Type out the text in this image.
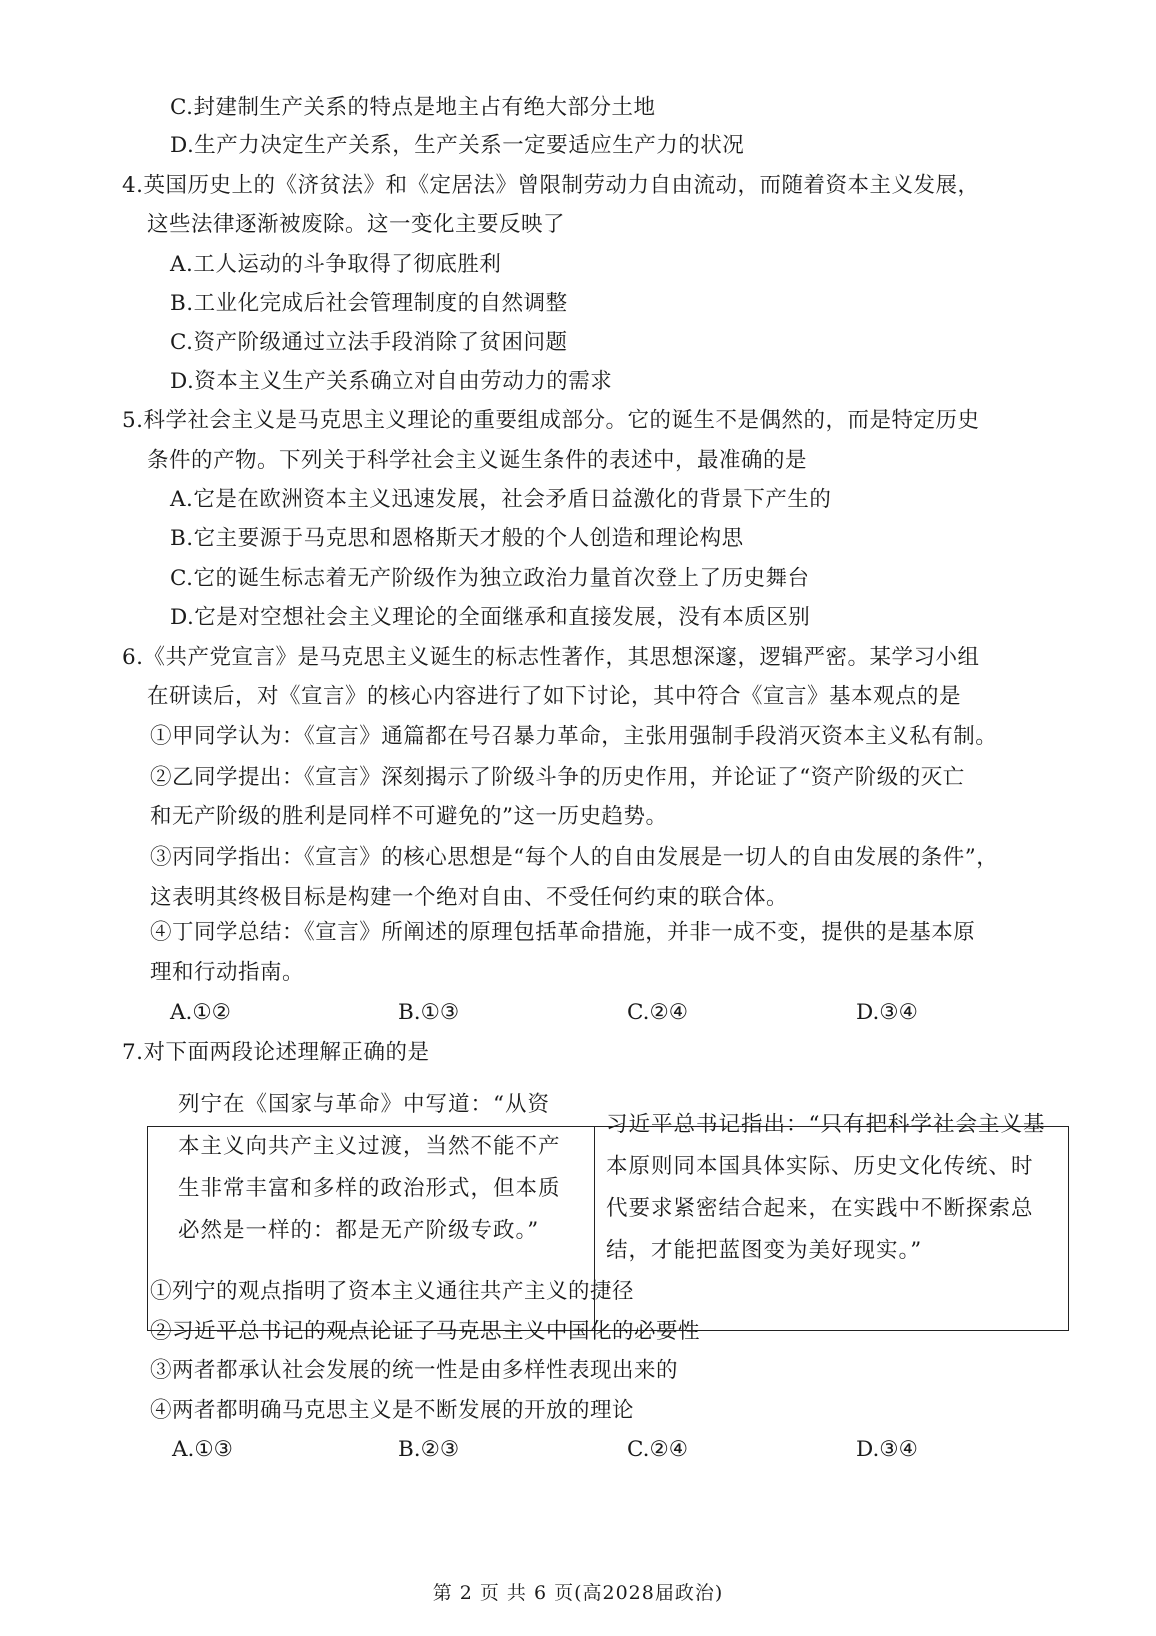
C.封建制生产关系的特点是地主占有绝大部分土地
D.生产力决定生产关系，生产关系一定要适应生产力的状况
4.英国历史上的《济贫法》和《定居法》曾限制劳动力自由流动，而随着资本主义发展，
这些法律逐渐被废除。这一变化主要反映了
A.工人运动的斗争取得了彻底胜利
B.工业化完成后社会管理制度的自然调整
C.资产阶级通过立法手段消除了贫困问题
D.资本主义生产关系确立对自由劳动力的需求
5.科学社会主义是马克思主义理论的重要组成部分。它的诞生不是偶然的，而是特定历史
条件的产物。下列关于科学社会主义诞生条件的表述中，最准确的是
A.它是在欧洲资本主义迅速发展，社会矛盾日益激化的背景下产生的
B.它主要源于马克思和恩格斯天才般的个人创造和理论构思
C.它的诞生标志着无产阶级作为独立政治力量首次登上了历史舞台
D.它是对空想社会主义理论的全面继承和直接发展，没有本质区别
6.《共产党宣言》是马克思主义诞生的标志性著作，其思想深邃，逻辑严密。某学习小组
在研读后，对《宣言》的核心内容进行了如下讨论，其中符合《宣言》基本观点的是
①甲同学认为：《宣言》通篇都在号召暴力革命，主张用强制手段消灭资本主义私有制。
②乙同学提出：《宣言》深刻揭示了阶级斗争的历史作用，并论证了“资产阶级的灭亡
和无产阶级的胜利是同样不可避免的”这一历史趋势。
③丙同学指出：《宣言》的核心思想是“每个人的自由发展是一切人的自由发展的条件”，
这表明其终极目标是构建一个绝对自由、不受任何约束的联合体。
④丁同学总结：《宣言》所阐述的原理包括革命措施，并非一成不变，提供的是基本原
理和行动指南。
A.①②	B.①③	C.②④	D.③④
7.对下面两段论述理解正确的是
列宁在《国家与革命》中写道：“从资本主义向共产主义过渡，当然不能不产生非常丰富和多样的政治形式，但本质必然是一样的：都是无产阶级专政。”
习近平总书记指出：“只有把科学社会主义基本原则同本国具体实际、历史文化传统、时代要求紧密结合起来，在实践中不断探索总结，才能把蓝图变为美好现实。”
①列宁的观点指明了资本主义通往共产主义的捷径
②习近平总书记的观点论证了马克思主义中国化的必要性
③两者都承认社会发展的统一性是由多样性表现出来的
④两者都明确马克思主义是不断发展的开放的理论
A.①③	B.②③	C.②④	D.③④
第 2 页 共 6 页(高2028届政治)
